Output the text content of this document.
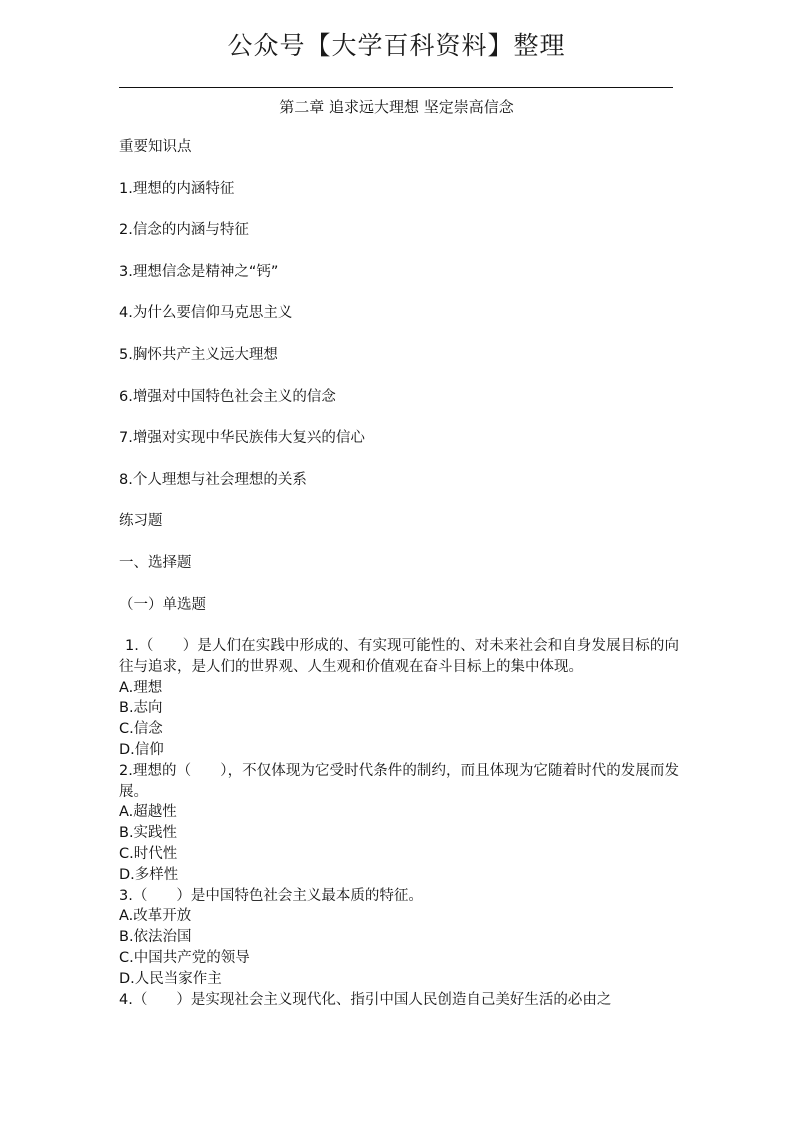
公众号【大学百科资料】整理
第二章 追求远大理想 坚定崇高信念
重要知识点
1.理想的内涵特征
2.信念的内涵与特征
3.理想信念是精神之“钙”
4.为什么要信仰马克思主义
5.胸怀共产主义远大理想
6.增强对中国特色社会主义的信念
7.增强对实现中华民族伟大复兴的信心
8.个人理想与社会理想的关系
练习题
一、选择题
（一）单选题
1.（　　）是人们在实践中形成的、有实现可能性的、对未来社会和自身发展目标的向往与追求，是人们的世界观、人生观和价值观在奋斗目标上的集中体现。
A.理想
B.志向
C.信念
D.信仰
2.理想的（　　），不仅体现为它受时代条件的制约，而且体现为它随着时代的发展而发展。
A.超越性
B.实践性
C.时代性
D.多样性
3.（　　）是中国特色社会主义最本质的特征。
A.改革开放
B.依法治国
C.中国共产党的领导
D.人民当家作主
4.（　　）是实现社会主义现代化、指引中国人民创造自己美好生活的必由之
